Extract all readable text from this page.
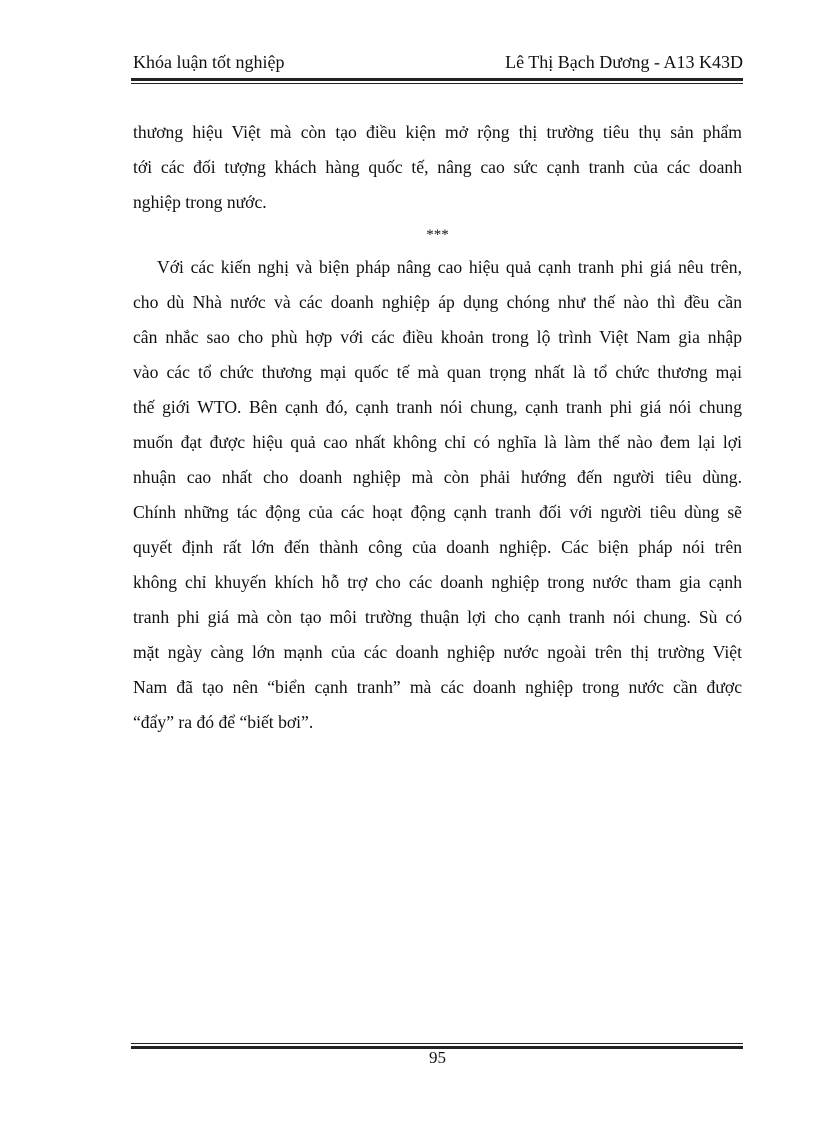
Khóa luận tốt nghiệp	Lê Thị Bạch Dương - A13 K43D
thương hiệu Việt mà còn tạo điều kiện mở rộng thị trường tiêu thụ sản phẩm
tới các đối tượng khách hàng quốc tế, nâng cao sức cạnh tranh của các doanh
nghiệp trong nước.
***
Với các kiến nghị và biện pháp nâng cao hiệu quả cạnh tranh phi giá nêu trên,
cho dù Nhà nước và các doanh nghiệp áp dụng chóng như thế nào thì đều cần
cân nhắc sao cho phù hợp với các điều khoản trong lộ trình Việt Nam gia nhập
vào các tổ chức thương mại quốc tế mà quan trọng nhất là tổ chức thương mại
thế giới WTO. Bên cạnh đó, cạnh tranh nói chung, cạnh tranh phi giá nói chung
muốn đạt được hiệu quả cao nhất không chỉ có nghĩa là làm thế nào đem lại lợi
nhuận cao nhất cho doanh nghiệp mà còn phải hướng đến người tiêu dùng.
Chính những tác động của các hoạt động cạnh tranh đối với người tiêu dùng sẽ
quyết định rất lớn đến thành công của doanh nghiệp. Các biện pháp nói trên
không chỉ khuyến khích hỗ trợ cho các doanh nghiệp trong nước tham gia cạnh
tranh phi giá mà còn tạo môi trường thuận lợi cho cạnh tranh nói chung. Sù có
mặt ngày càng lớn mạnh của các doanh nghiệp nước ngoài trên thị trường Việt
Nam đã tạo nên “biển cạnh tranh” mà các doanh nghiệp trong nước cần được
“đẩy” ra đó để “biết bơi”.
95
